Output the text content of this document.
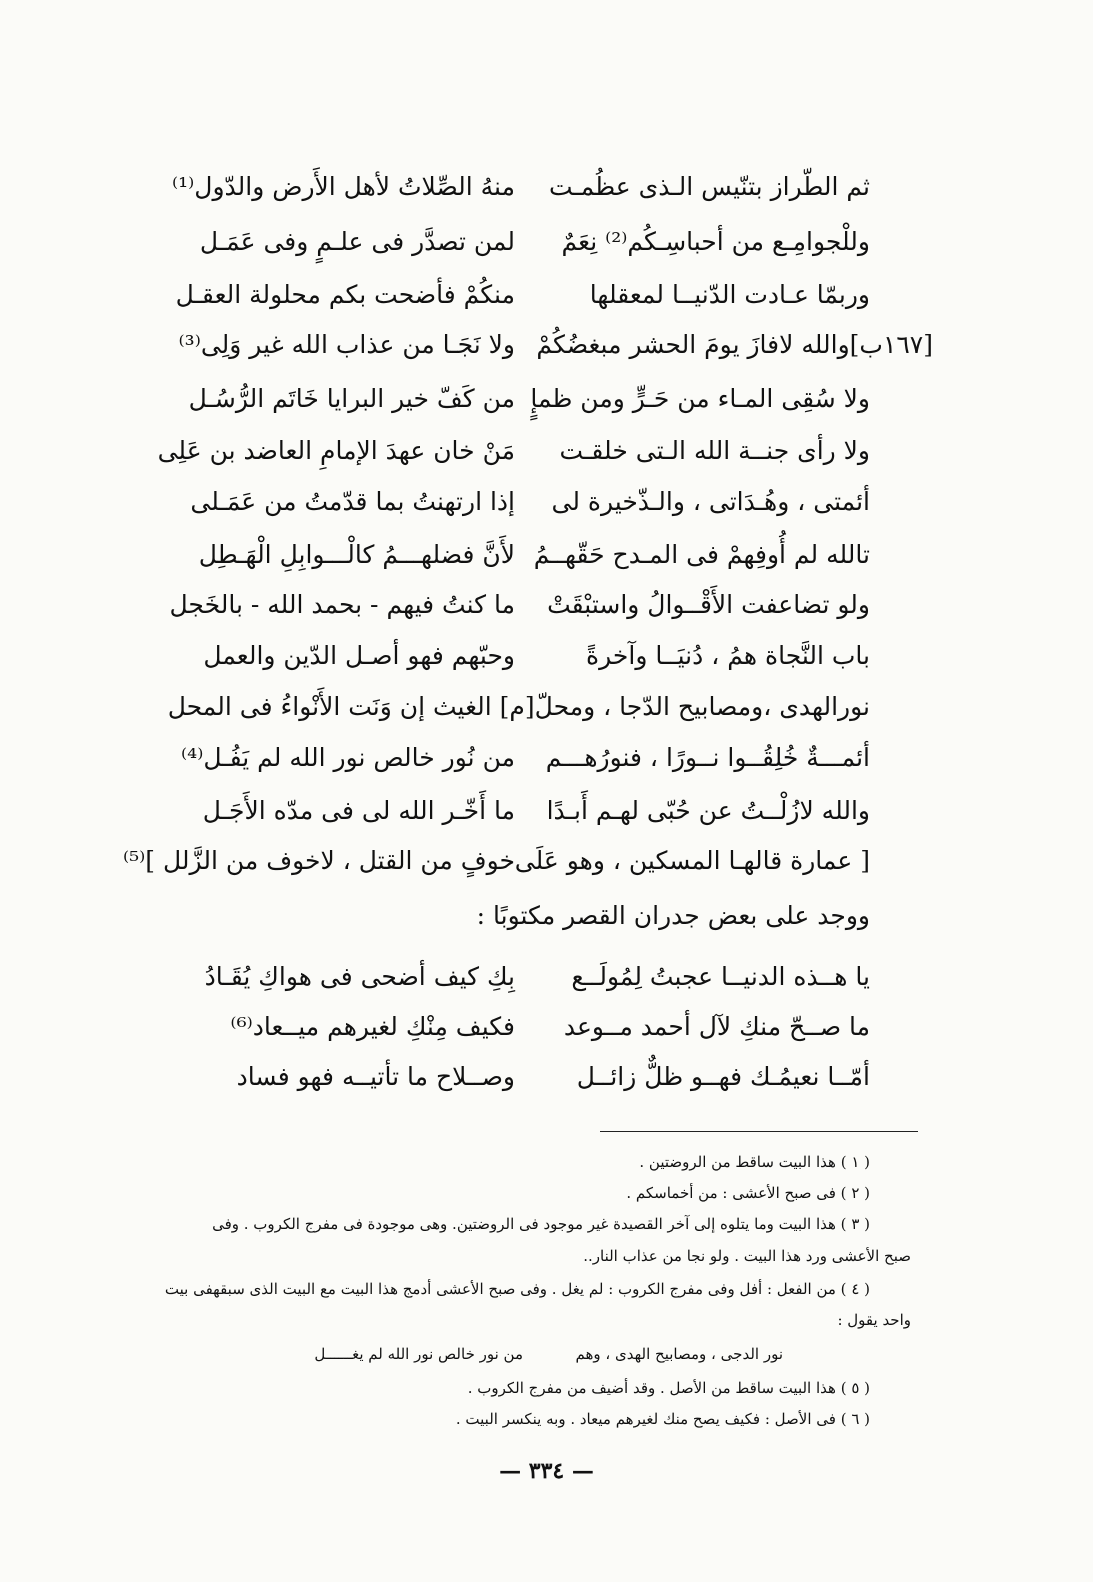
ثم الطّراز بتنّيس الـذى عظُمـت
منهُ الصِّلاتُ لأهل الأَرض والدّول⁽¹⁾
وللْجوامِـع من أحباسِـكُم⁽²⁾ نِعَمٌ
لمن تصدَّر فى علـمٍ وفى عَمَـل
وربمّا عـادت الدّنيــا لمعقلها
منكُمْ فأضحت بكم محلولة العقـل
[١٦٧ب]والله لافازَ يومَ الحشر مبغضُكُمْ
ولا نَجَـا من عذاب الله غير وَلِى⁽³⁾
ولا سُقِى المـاء من حَـرٍّ ومن ظمإٍ
من كَفّ خير البرايا خَاتَم الرُّسُـل
ولا رأى جنــة الله الـتى خلقـت
مَنْ خان عهدَ الإمامِ العاضد بن عَلِى
أئمتى ، وهُـدَاتى ، والـذّخيرة لى
إذا ارتهنتُ بما قدّمتُ من عَمَـلى
تالله لم أُوفِهمْ فى المـدح حَقّهــمُ
لأَنَّ فضلهـــمُ كالْـــوابِلِ الْهَـطِل
ولو تضاعفت الأَقْــوالُ واستبْقَتْ
ما كنتُ فيهم - بحمد الله - بالخَجل
باب النَّجاة همُ ، دُنيَــا وآخرةً
وحبّهم فهو أصـل الدّين والعمل
نورالهدى ،ومصابيح الدّجا ، ومحلّ[م] الغيث إن وَنَت الأَنْواءُ فى المحل
أئمـــةٌ خُلِقُــوا نــورًا ، فنورُهـــم
من نُور خالص نور الله لم يَفُـل⁽⁴⁾
والله لازُلْــتُ عن حُبّى لهـم أَبـدًا
ما أَخّـر الله لى فى مدّه الأَجَـل
[ عمارة قالهـا المسكين ، وهو عَلَى
خوفٍ من القتل ، لاخوف من الزَّلل ]⁽⁵⁾
ووجد على بعض جدران القصر مكتوبًا :
يا هــذه الدنيــا عجبتُ لِمُولَــع
بِكِ كيف أضحى فى هواكِ يُقَـادُ
ما صــحّ منكِ لآل أحمد مــوعد
فكيف مِنْكِ لغيرهم ميــعاد⁽⁶⁾
أمّــا نعيمُـك فهــو ظلٌّ زائــل
وصــلاح ما تأتيــه فهو فساد
( ١ ) هذا البيت ساقط من الروضتين .
( ٢ ) فى صبح الأعشى : من أخماسكم .
( ٣ ) هذا البيت وما يتلوه إلى آخر القصيدة غير موجود فى الروضتين. وهى موجودة فى مفرج الكروب . وفى
صبح الأعشى ورد هذا البيت . ولو نجا من عذاب النار..
( ٤ ) من الفعل : أفل وفى مفرج الكروب : لم يغل . وفى صبح الأعشى أدمج هذا البيت مع البيت الذى سبقهفى بيت
واحد يقول :
نور الدجى ، ومصابيح الهدى ، وهم
من نور خالص نور الله لم يغــــــل
( ٥ ) هذا البيت ساقط من الأصل . وقد أضيف من مفرج الكروب .
( ٦ ) فى الأصل : فكيف يصح منك لغيرهم ميعاد . وبه ينكسر البيت .
— ٣٣٤ —
